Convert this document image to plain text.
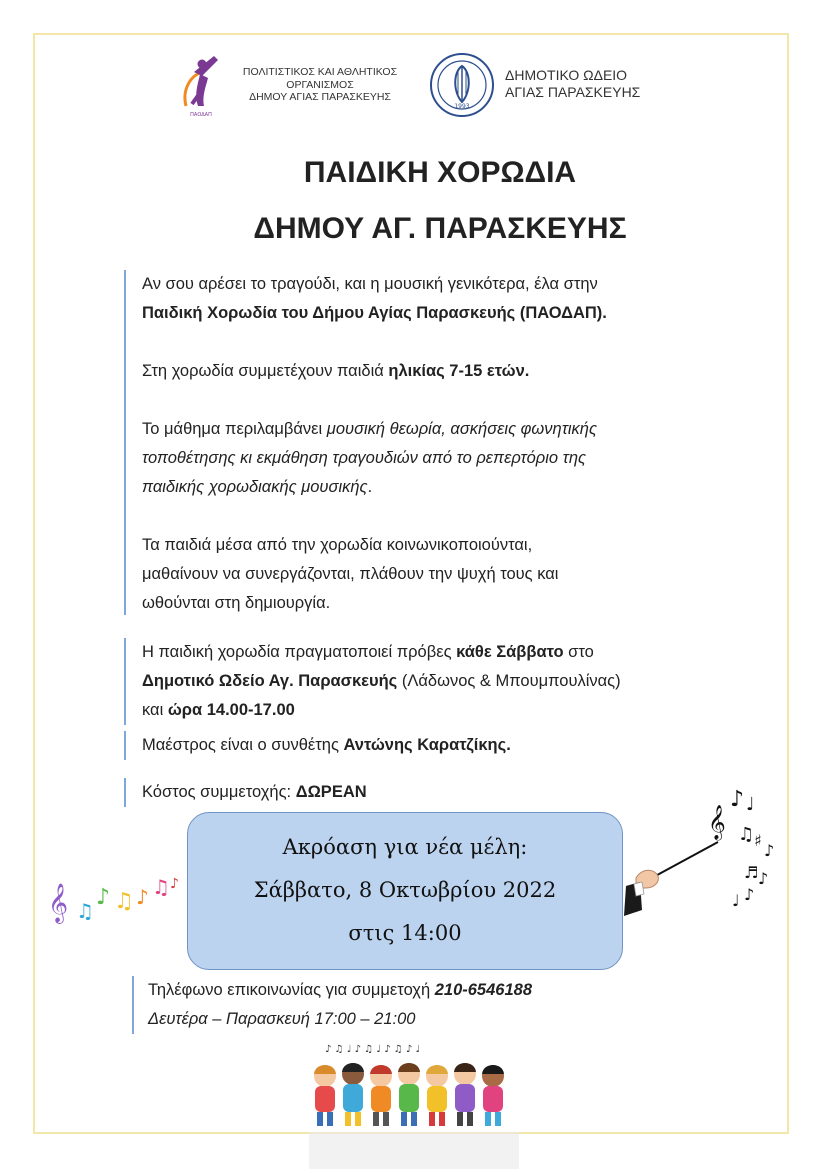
ΠΑΟΔΑΠ
ΠΟΛΙΤΙΣΤΙΚΟΣ ΚΑΙ ΑΘΛΗΤΙΚΟΣ
ΟΡΓΑΝΙΣΜΟΣ
ΔΗΜΟΥ ΑΓΙΑΣ ΠΑΡΑΣΚΕΥΗΣ
1993
ΔΗΜΟΤΙΚΟ ΩΔΕΙΟ
ΑΓΙΑΣ ΠΑΡΑΣΚΕΥΗΣ
ΠΑΙΔΙΚΗ ΧΟΡΩΔΙΑ
ΔΗΜΟΥ ΑΓ. ΠΑΡΑΣΚΕΥΗΣ

Αν σου αρέσει το τραγούδι, και η μουσική γενικότερα, έλα στην

Παιδική Χορωδία του Δήμου Αγίας Παρασκευής (ΠΑΟΔΑΠ).

Στη χορωδία συμμετέχουν παιδιά ηλικίας 7-15 ετών.

Το μάθημα περιλαμβάνει μουσική θεωρία, ασκήσεις φωνητικής

τοποθέτησης κι εκμάθηση τραγουδιών από το ρεπερτόριο της

παιδικής χορωδιακής μουσικής.

Τα παιδιά μέσα από την χορωδία κοινωνικοποιούνται,

μαθαίνουν να συνεργάζονται, πλάθουν την ψυχή τους και

ωθούνται στη δημιουργία.

Η παιδική χορωδία πραγματοποιεί πρόβες κάθε Σάββατο στο

Δημοτικό Ωδείο Αγ. Παρασκευής (Λάδωνος & Μπουμπουλίνας)

και ώρα 14.00-17.00

Μαέστρος είναι ο συνθέτης Αντώνης Καρατζίκης.

Κόστος συμμετοχής: ΔΩΡΕΑΝ

𝄞 ♫
♪ ♫ ♪ ♫ ♪
Ακρόαση για νέα μέλη:
Σάββατο, 8 Οκτωβρίου 2022
στις 14:00
𝄞
♪ ♩
♫ ♯
♪
♬ ♪
♩ ♪

Τηλέφωνο επικοινωνίας για συμμετοχή 210-6546188

Δευτέρα – Παρασκευή 17:00 – 21:00

♪ ♫ ♩ ♪ ♫ ♩ ♪ ♫ ♪ ♩
